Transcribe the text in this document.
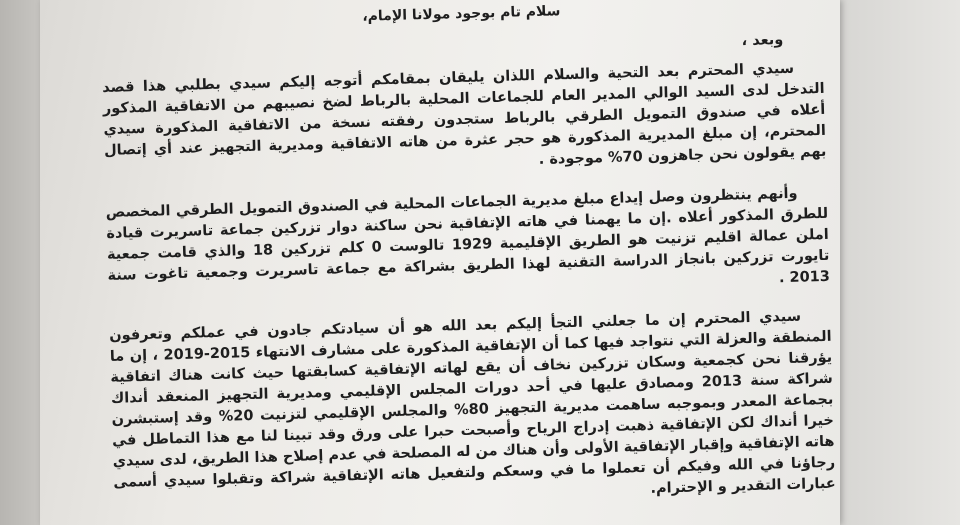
سلام تام بوجود مولانا الإمام،

وبعد ،

سيدي المحترم بعد التحية والسلام اللذان يليقان بمقامكم أتوجه إليكم سيدي بطلبي هذا قصد التدخل لدى السيد الوالي المدير العام للجماعات المحلية بالرباط لضخ نصيبهم من الاتفاقية المذكور أعلاه في صندوق التمويل الطرقي بالرباط ستجدون رفقته نسخة من الاتفاقية المذكورة سيدي المحترم، إن مبلغ المديرية المذكورة هو حجر عثرة من هاته الاتفاقية ومديرية التجهيز عند أي إتصال بهم يقولون نحن جاهزون 70% موجودة .

وأنهم ينتظرون وصل إيداع مبلغ مديرية الجماعات المحلية في الصندوق التمويل الطرقي المخصص للطرق المذكور أعلاه .إن ما يهمنا في هاته الإتفاقية نحن ساكنة دوار تزركين جماعة تاسريرت قيادة املن عمالة اقليم تزنيت هو الطريق الإقليمية 1929 تالوست 0 كلم تزركين 18 والذي قامت جمعية تايورت تزركين بانجاز الدراسة التقنية لهذا الطريق بشراكة مع جماعة تاسريرت وجمعية تاغوت سنة 2013 .

سيدي المحترم إن ما جعلني التجأ إليكم بعد الله هو أن سيادتكم جادون في عملكم وتعرفون المنطقة والعزلة التي نتواجد فيها كما أن الإتفاقية المذكورة على مشارف الانتهاء 2015-2019 ، إن ما يؤرقنا نحن كجمعية وسكان تزركين نخاف أن يقع لهاته الإتفاقية كسابقتها حيث كانت هناك اتفاقية شراكة سنة 2013 ومصادق عليها في أحد دورات المجلس الإقليمي ومديرية التجهيز المنعقد أنداك بجماعة المعدر وبموجبه ساهمت مديرية التجهيز 80% والمجلس الإقليمي لتزنيت 20% وقد إستبشرن خيرا أنداك لكن الإتفاقية ذهبت إدراج الرياح وأصبحت حبرا على ورق وقد تبينا لنا مع هذا التماطل في هاته الإتفاقية وإقبار الإتفاقية الأولى وأن هناك من له المصلحة في عدم إصلاح هذا الطريق، لدى سيدي رجاؤنا في الله وفيكم أن تعملوا ما في وسعكم ولتفعيل هاته الإتفاقية شراكة وتقبلوا سيدي أسمى عبارات التقدير و الإحترام.
